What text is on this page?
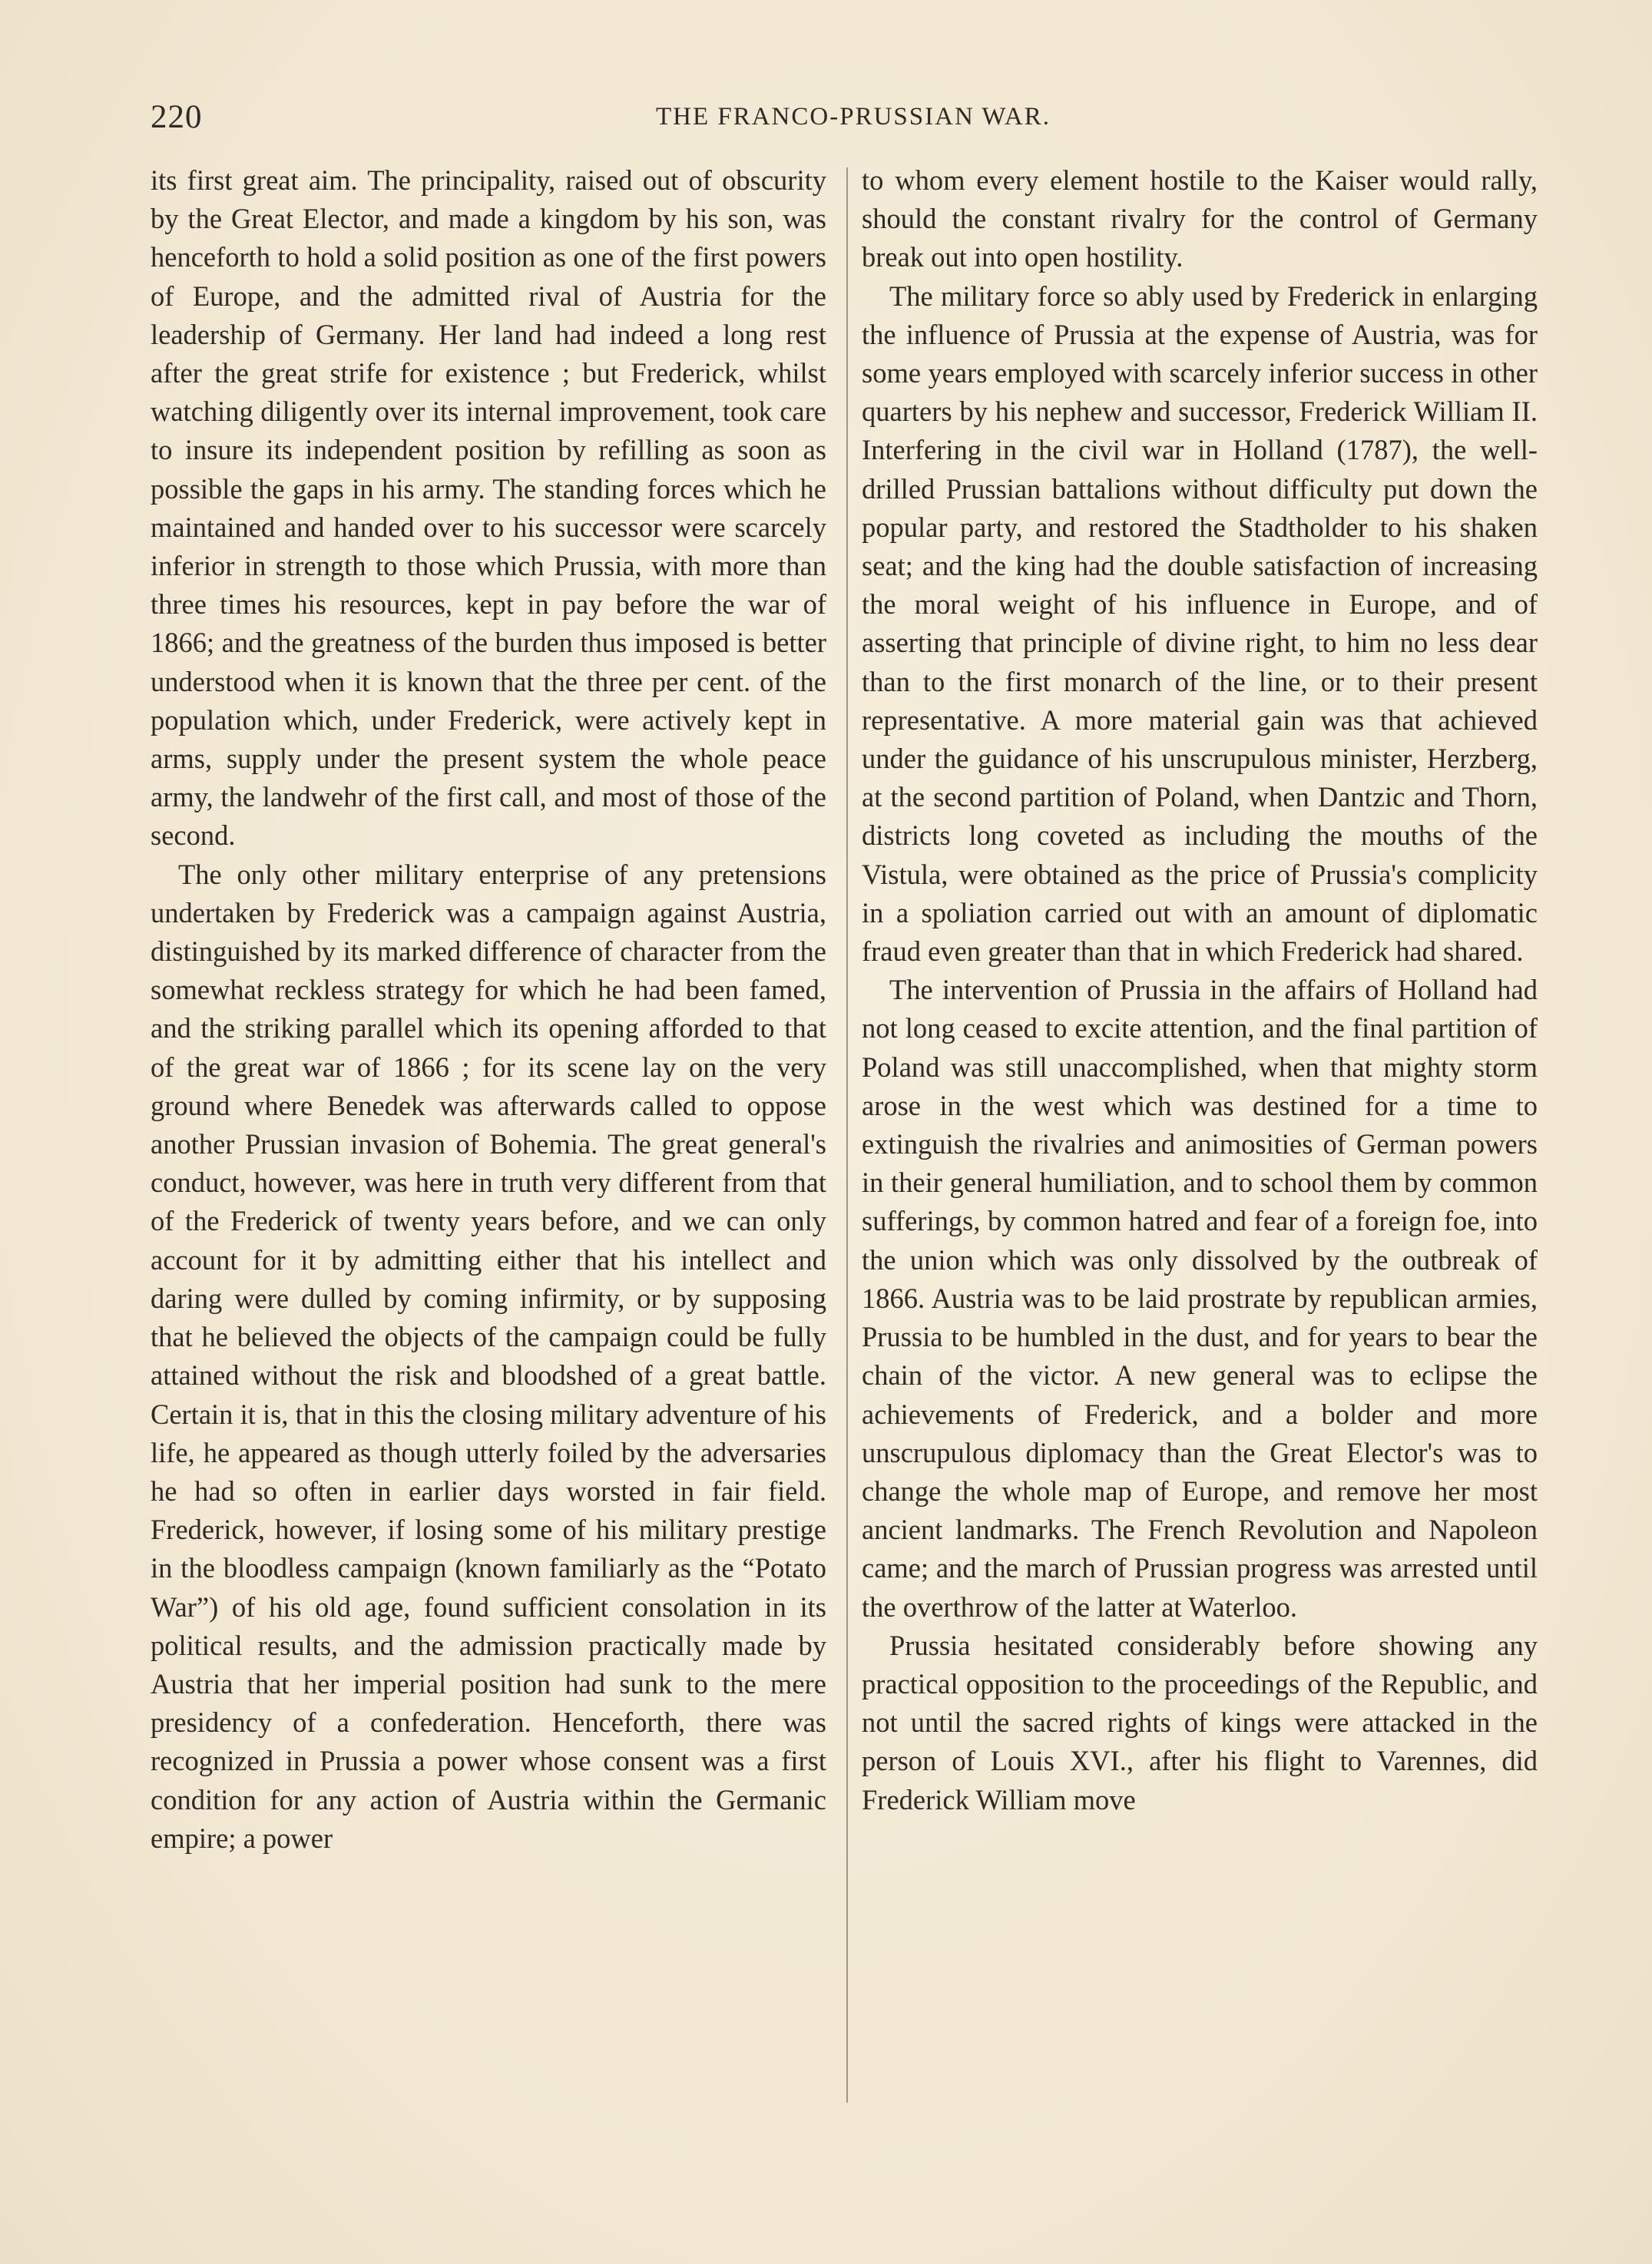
220	THE FRANCO-PRUSSIAN WAR.

its first great aim. The principality, raised out of obscurity by the Great Elector, and made a kingdom by his son, was henceforth to hold a solid position as one of the first powers of Europe, and the admitted rival of Austria for the leadership of Germany. Her land had indeed a long rest after the great strife for existence ; but Frederick, whilst watching diligently over its internal improvement, took care to insure its independent position by refilling as soon as possible the gaps in his army. The standing forces which he maintained and handed over to his successor were scarcely inferior in strength to those which Prussia, with more than three times his resources, kept in pay before the war of 1866; and the greatness of the burden thus imposed is better understood when it is known that the three per cent. of the population which, under Frederick, were actively kept in arms, supply under the present system the whole peace army, the landwehr of the first call, and most of those of the second.

The only other military enterprise of any pretensions undertaken by Frederick was a campaign against Austria, distinguished by its marked difference of character from the somewhat reckless strategy for which he had been famed, and the striking parallel which its opening afforded to that of the great war of 1866 ; for its scene lay on the very ground where Benedek was afterwards called to oppose another Prussian invasion of Bohemia. The great general's conduct, however, was here in truth very different from that of the Frederick of twenty years before, and we can only account for it by admitting either that his intellect and daring were dulled by coming infirmity, or by supposing that he believed the objects of the campaign could be fully attained without the risk and bloodshed of a great battle. Certain it is, that in this the closing military adventure of his life, he appeared as though utterly foiled by the adversaries he had so often in earlier days worsted in fair field. Frederick, however, if losing some of his military prestige in the bloodless campaign (known familiarly as the “Potato War”) of his old age, found sufficient consolation in its political results, and the admission practically made by Austria that her imperial position had sunk to the mere presidency of a confederation. Henceforth, there was recognized in Prussia a power whose consent was a first condition for any action of Austria within the Germanic empire; a power

to whom every element hostile to the Kaiser would rally, should the constant rivalry for the control of Germany break out into open hostility.

The military force so ably used by Frederick in enlarging the influence of Prussia at the expense of Austria, was for some years employed with scarcely inferior success in other quarters by his nephew and successor, Frederick William II. Interfering in the civil war in Holland (1787), the well-drilled Prussian battalions without difficulty put down the popular party, and restored the Stadtholder to his shaken seat; and the king had the double satisfaction of increasing the moral weight of his influence in Europe, and of asserting that principle of divine right, to him no less dear than to the first monarch of the line, or to their present representative. A more material gain was that achieved under the guidance of his unscrupulous minister, Herzberg, at the second partition of Poland, when Dantzic and Thorn, districts long coveted as including the mouths of the Vistula, were obtained as the price of Prussia's complicity in a spoliation carried out with an amount of diplomatic fraud even greater than that in which Frederick had shared.

The intervention of Prussia in the affairs of Holland had not long ceased to excite attention, and the final partition of Poland was still unaccomplished, when that mighty storm arose in the west which was destined for a time to extinguish the rivalries and animosities of German powers in their general humiliation, and to school them by common sufferings, by common hatred and fear of a foreign foe, into the union which was only dissolved by the outbreak of 1866. Austria was to be laid prostrate by republican armies, Prussia to be humbled in the dust, and for years to bear the chain of the victor. A new general was to eclipse the achievements of Frederick, and a bolder and more unscrupulous diplomacy than the Great Elector's was to change the whole map of Europe, and remove her most ancient landmarks. The French Revolution and Napoleon came; and the march of Prussian progress was arrested until the overthrow of the latter at Waterloo.

Prussia hesitated considerably before showing any practical opposition to the proceedings of the Republic, and not until the sacred rights of kings were attacked in the person of Louis XVI., after his flight to Varennes, did Frederick William move
